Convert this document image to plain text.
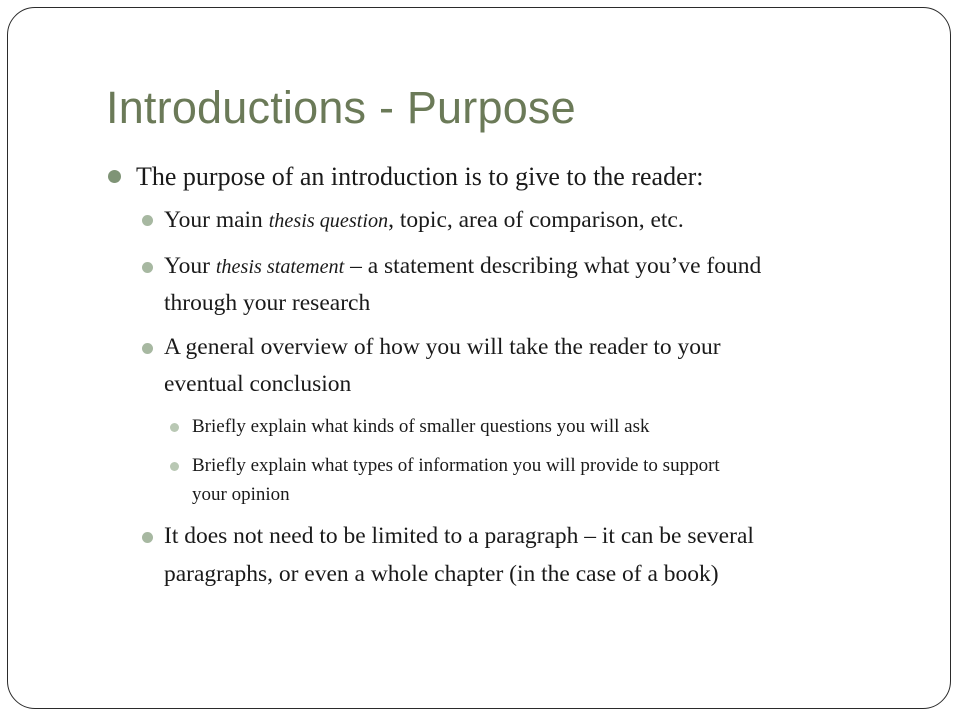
Introductions - Purpose
The purpose of an introduction is to give to the reader:
Your main thesis question, topic, area of comparison, etc.
Your thesis statement – a statement describing what you’ve found
through your research
A general overview of how you will take the reader to your
eventual conclusion
Briefly explain what kinds of smaller questions you will ask
Briefly explain what types of information you will provide to support
your opinion
It does not need to be limited to a paragraph – it can be several
paragraphs, or even a whole chapter (in the case of a book)
